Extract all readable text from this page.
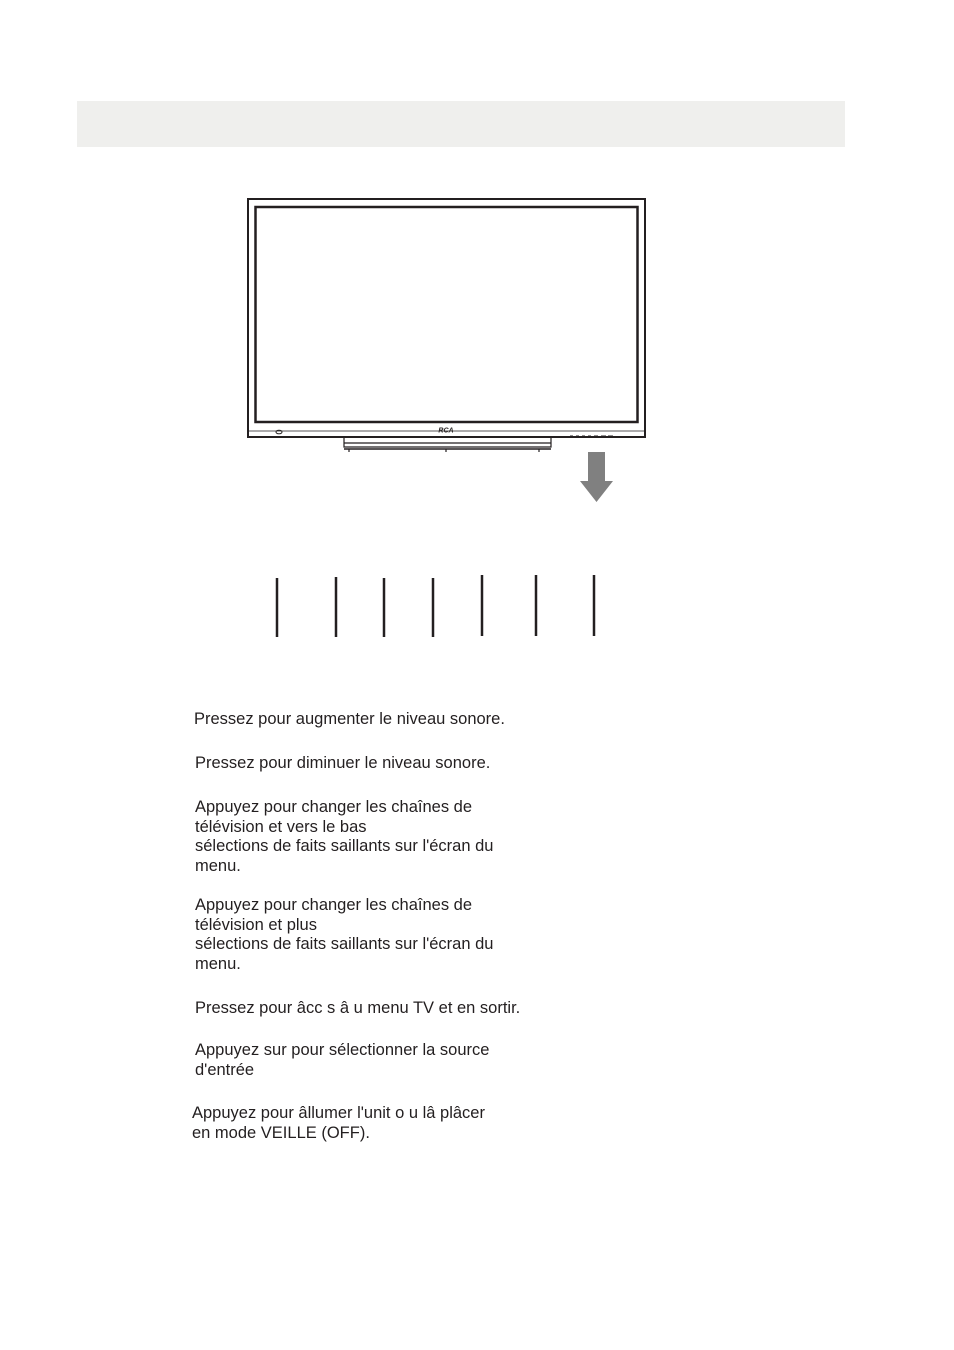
RCA

Pressez pour augmenter le niveau sonore.

Pressez pour diminuer le niveau sonore.

Appuyez pour changer les chaînes de
télévision et vers le bas
sélections de faits saillants sur l'écran du
menu.

Appuyez pour changer les chaînes de
télévision et plus
sélections de faits saillants sur l'écran du
menu.

Pressez pour âcc s â u menu TV et en sortir.

Appuyez sur pour sélectionner la source
d'entrée

Appuyez pour âllumer l'unit o u lâ plâcer
en mode VEILLE (OFF).
